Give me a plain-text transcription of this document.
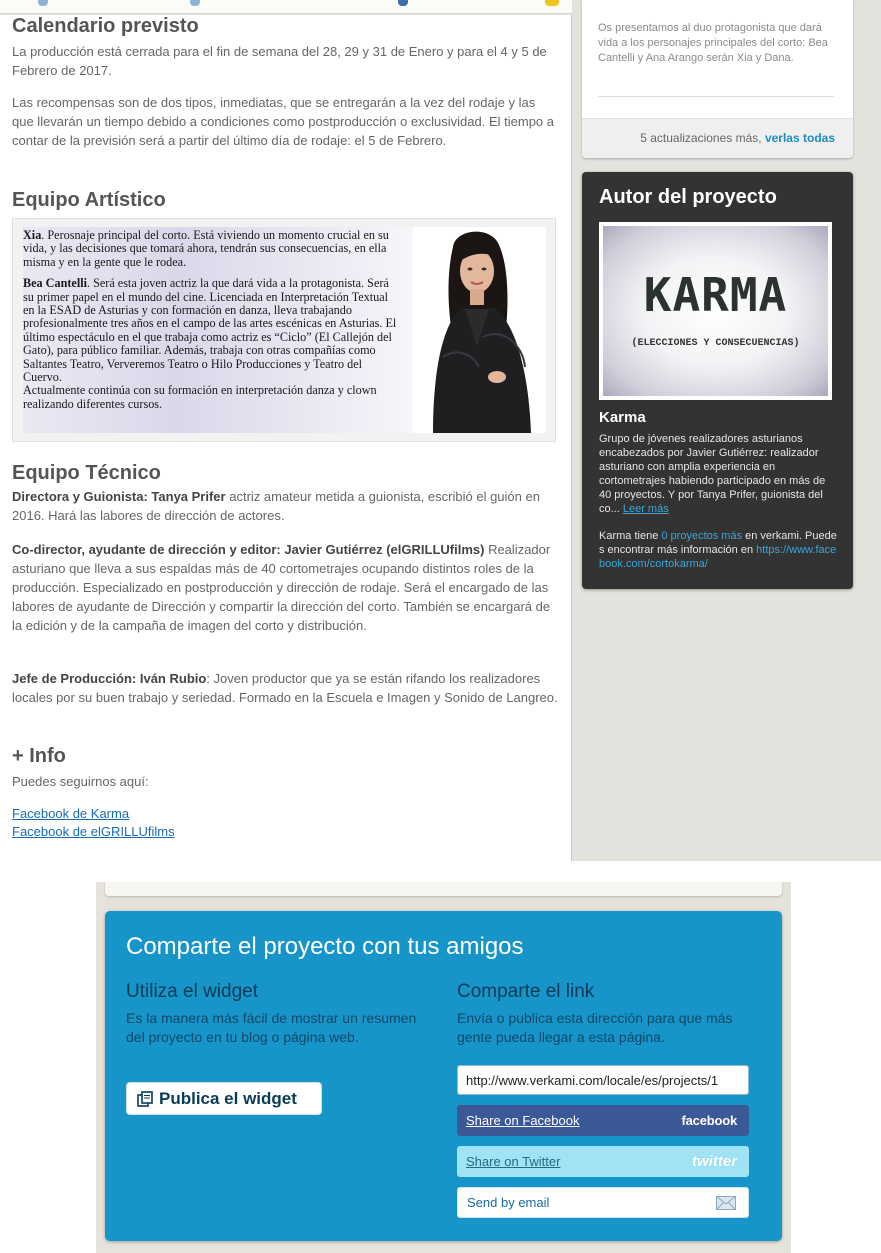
Calendario previsto

La producción está cerrada para el fin de semana del 28, 29 y 31 de Enero y para el 4 y 5 de Febrero de 2017.

Las recompensas son de dos tipos, inmediatas, que se entregarán a la vez del rodaje y las que llevarán un tiempo debido a condiciones como postproducción o exclusividad. El tiempo a contar de la previsión será a partir del último día de rodaje: el 5 de Febrero.

Equipo Artístico

Xia. Perosnaje principal del corto. Está viviendo un momento crucial en su vida, y las decisiones que tomará ahora, tendrán sus consecuencias, en ella misma y en la gente que le rodea.

Bea Cantelli. Será esta joven actriz la que dará vida a la protagonista. Será su primer papel en el mundo del cine. Licenciada en Interpretación Textual en la ESAD de Asturias y con formación en danza, lleva trabajando profesionalmente tres años en el campo de las artes escénicas en Asturias. El último espectáculo en el que trabaja como actriz es “Ciclo” (El Callejón del Gato), para público familiar. Además, trabaja con otras compañías como Saltantes Teatro, Ververemos Teatro o Hilo Producciones y Teatro del Cuervo.

Actualmente continúa con su formación en interpretación danza y clown realizando diferentes cursos.

Equipo Técnico

Directora y Guionista: Tanya Prifer actriz amateur metida a guionista, escribió el guión en 2016. Hará las labores de dirección de actores.

Co-director, ayudante de dirección y editor: Javier Gutiérrez (elGRILLUfilms) Realizador asturiano que lleva a sus espaldas más de 40 cortometrajes ocupando distintos roles de la producción. Especializado en postproducción y dirección de rodaje. Será el encargado de las labores de ayudante de Dirección y compartir la dirección del corto. También se encargará de la edición y de la campaña de imagen del corto y distribución.

Jefe de Producción: Iván Rubio: Joven productor que ya se están rifando los realizadores locales por su buen trabajo y seriedad. Formado en la Escuela e Imagen y Sonido de Langreo.

+ Info

Puedes seguirnos aquí:

Facebook de Karma
Facebook de elGRILLUfilms

Os presentamos al duo protagonista que dará vida a los personajes principales del corto: Bea Cantelli y Ana Arango serán Xia y Dana.

5 actualizaciones más, verlas todas
Autor del proyecto
KARMA
(ELECCIONES Y CONSECUENCIAS)
Karma

Grupo de jóvenes realizadores asturianos encabezados por Javier Gutiérrez: realizador asturiano con amplia experiencia en cortometrajes habiendo participado en más de 40 proyectos. Y por Tanya Prifer, guionista del co... Leer más

Karma tiene 0 proyectos más en verkami. Puedes encontrar más información en https://www.facebook.com/cortokarma/

Comparte el proyecto con tus amigos
Utiliza el widget

Es la manera más fácil de mostrar un resumen del proyecto en tu blog o página web.

Publica el widget
Comparte el link

Envía o publica esta dirección para que más gente pueda llegar a esta página.

http://www.verkami.com/locale/es/projects/1
Share on Facebook	facebook
Share on Twitter	twitter
Send by email
